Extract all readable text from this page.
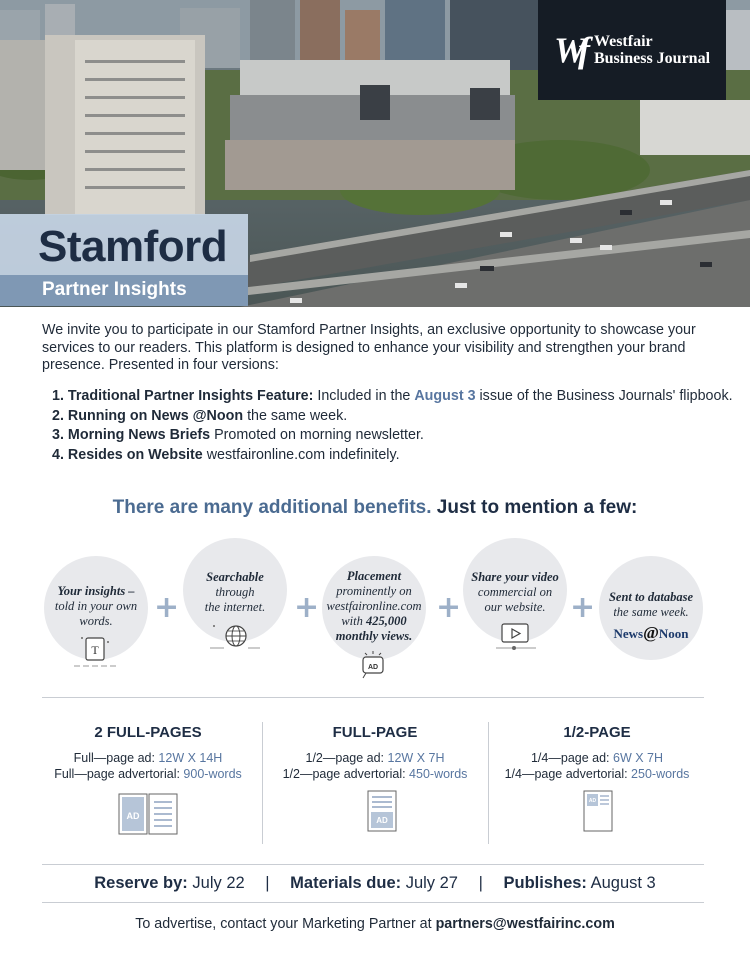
Wf Westfair
Business Journal
Stamford
Partner Insights

We invite you to participate in our Stamford Partner Insights, an exclusive opportunity to showcase your services to our readers. This platform is designed to enhance your visibility and strengthen your brand presence. Presented in four versions:

1. Traditional Partner Insights Feature: Included in the August 3 issue of the Business Journals' flipbook.
2. Running on News @Noon the same week.
3. Morning News Briefs Promoted on morning newsletter.
4. Resides on Website westfaironline.com indefinitely.
There are many additional benefits. Just to mention a few:
Your insights –
told in your own
words.
T
+
Searchable
through
the internet. +
Placement
prominently on
westfaironline.com
with 425,000
monthly views.
AD
+
Share your video
commercial on
our website. +	Sent to database
the same week.
News@Noon
2 FULL-PAGES

Full—page ad: 12W X 14H

Full—page advertorial: 900-words

AD
FULL-PAGE

1/2—page ad: 12W X 7H

1/2—page advertorial: 450-words

AD
1/2-PAGE

1/4—page ad: 6W X 7H

1/4—page advertorial: 250-words

AD
Reserve by: July 22 | Materials due: July 27 | Publishes: August 3
To advertise, contact your Marketing Partner at partners@westfairinc.com
